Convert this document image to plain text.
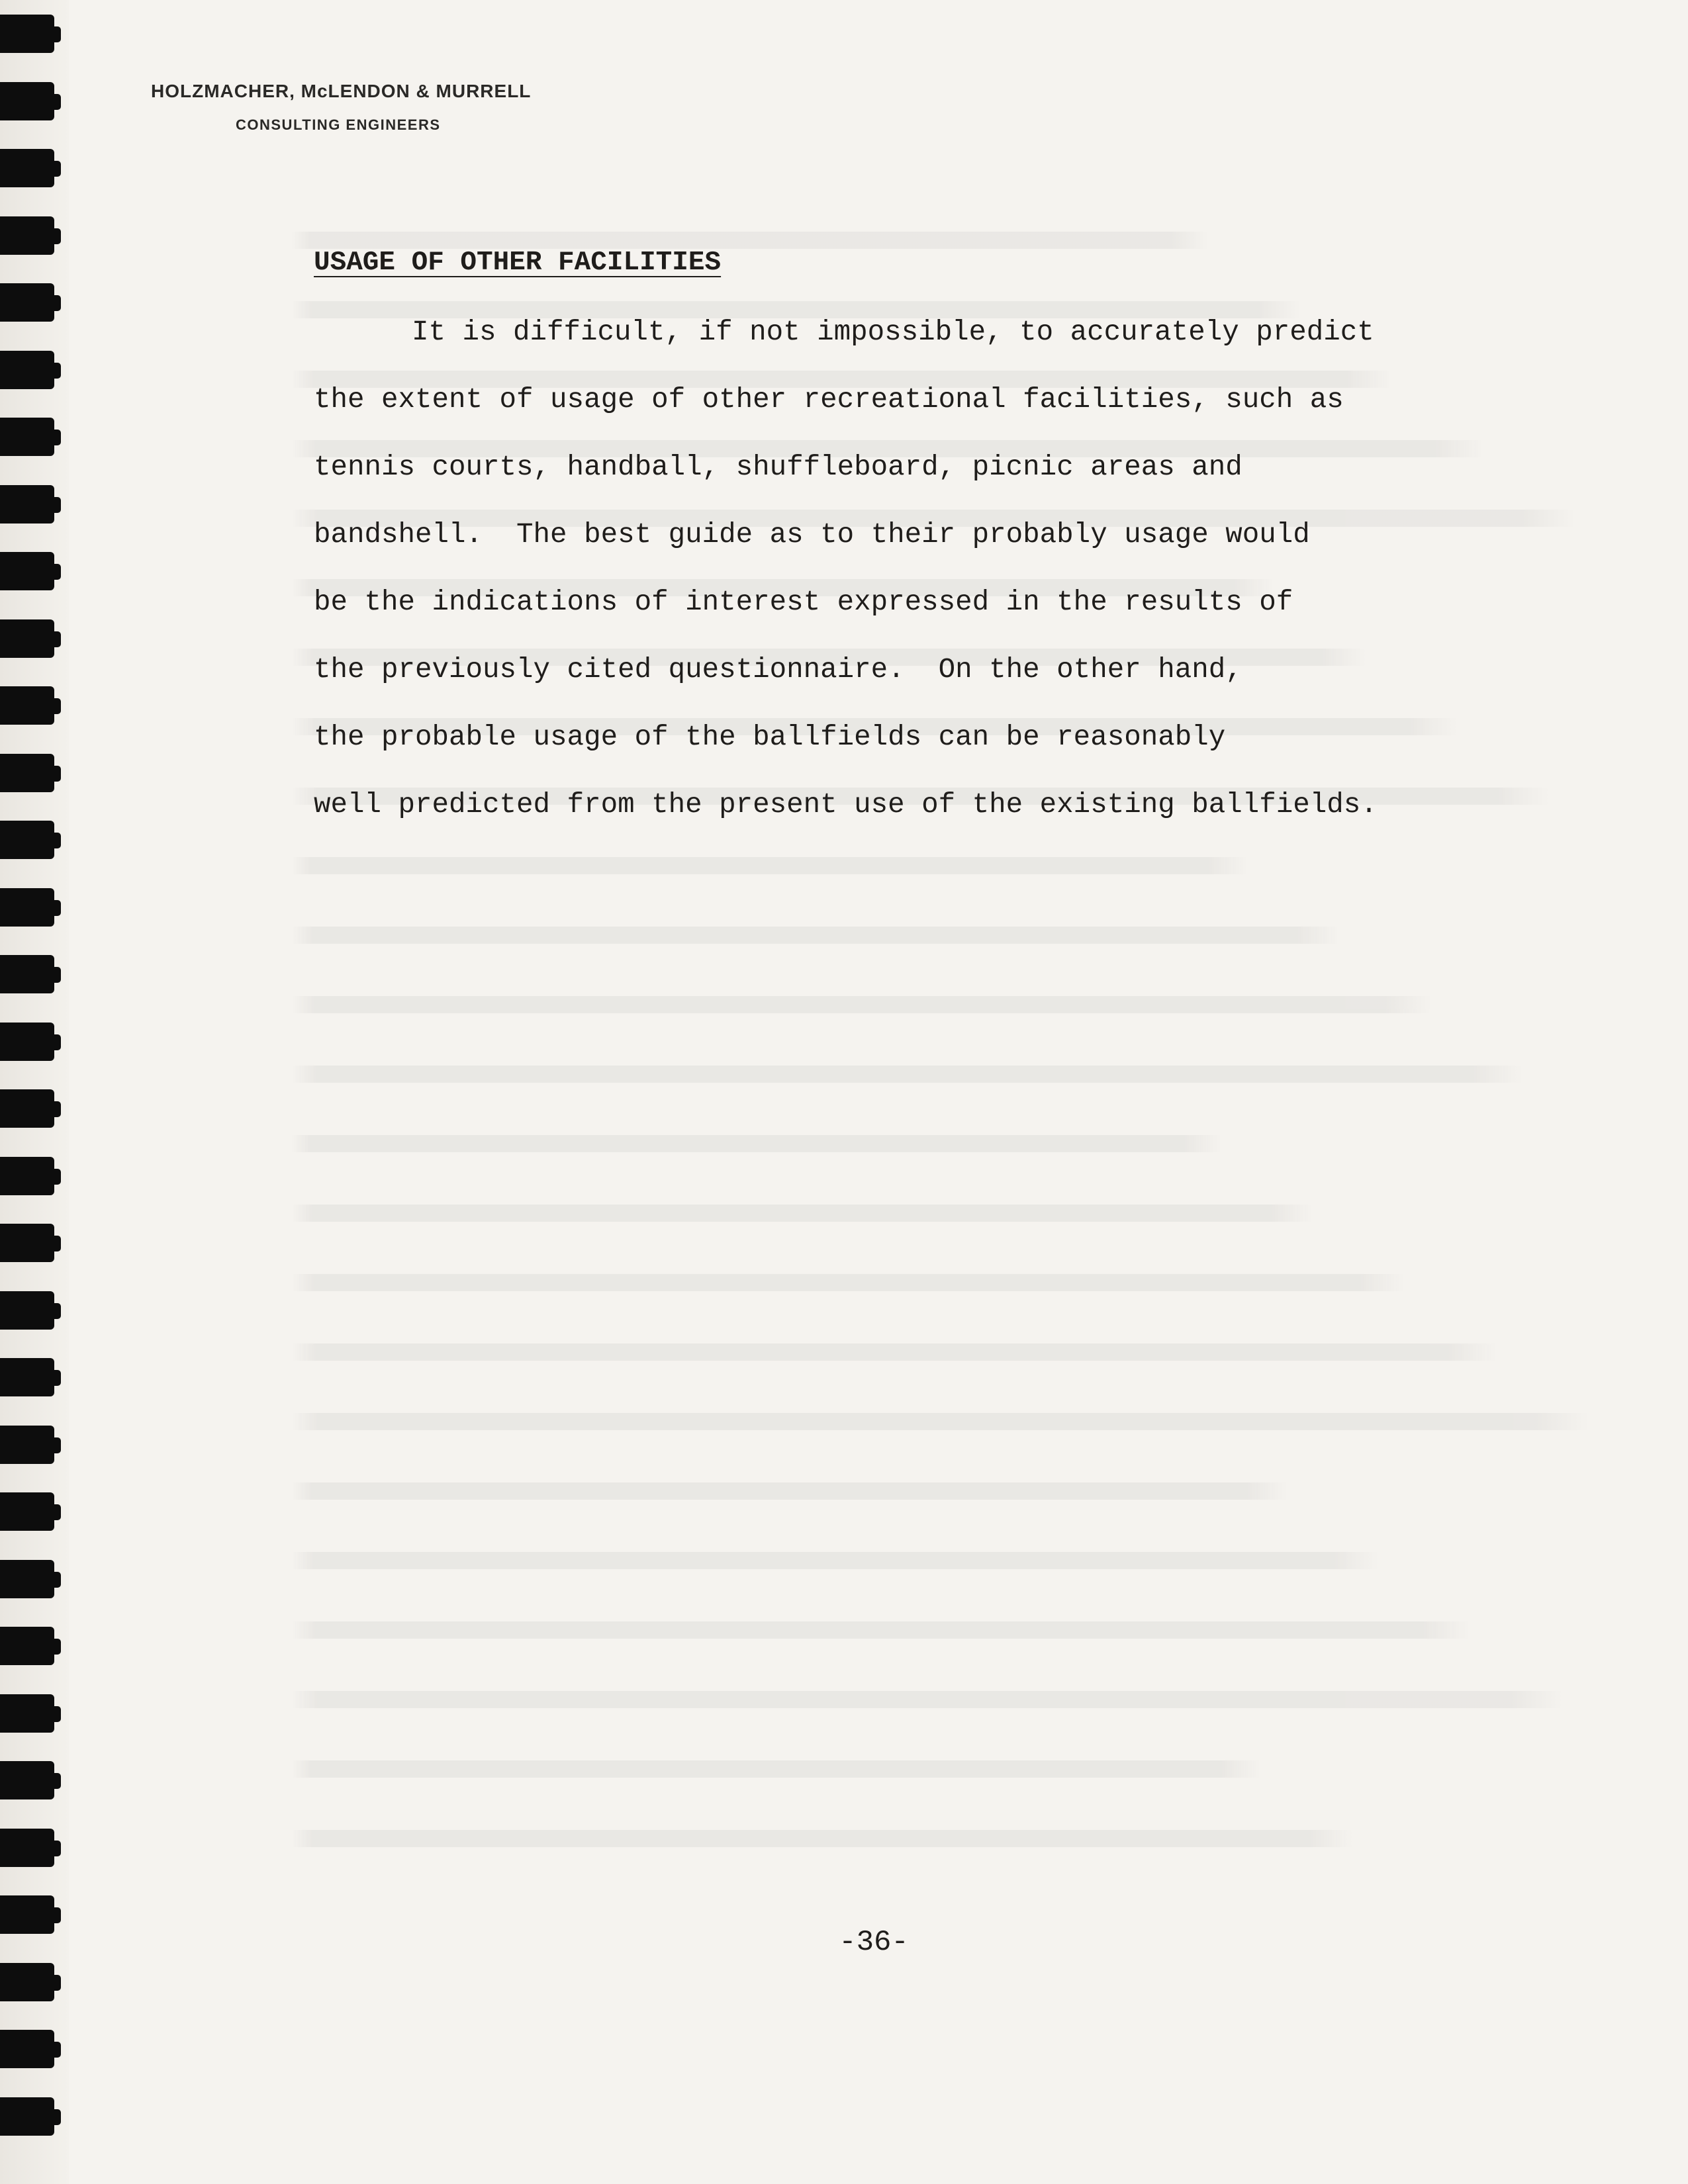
HOLZMACHER, McLENDON & MURRELL

CONSULTING ENGINEERS

USAGE OF OTHER FACILITIES
It is difficult, if not impossible, to accurately predict
the extent of usage of other recreational facilities, such as
tennis courts, handball, shuffleboard, picnic areas and
bandshell.  The best guide as to their probably usage would
be the indications of interest expressed in the results of
the previously cited questionnaire.  On the other hand,
the probable usage of the ballfields can be reasonably
well predicted from the present use of the existing ballfields.

-36-
